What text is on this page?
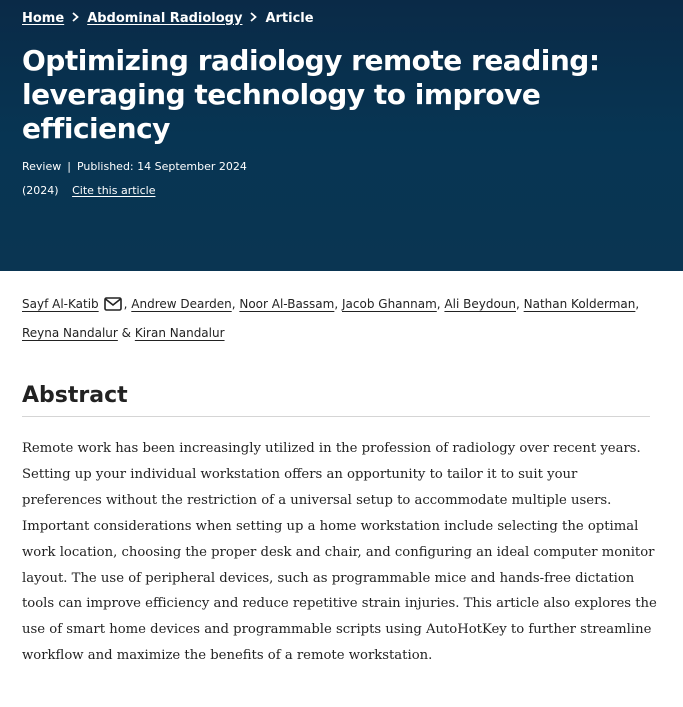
Home Abdominal Radiology Article
Optimizing radiology remote reading: leveraging technology to improve efficiency
Review | Published: 14 September 2024
(2024) Cite this article
Sayf Al-Katib , Andrew Dearden, Noor Al-Bassam, Jacob Ghannam, Ali Beydoun, Nathan Kolderman,
Reyna Nandalur & Kiran Nandalur
Abstract

Remote work has been increasingly utilized in the profession of radiology over recent years. Setting up your individual workstation offers an opportunity to tailor it to suit your preferences without the restriction of a universal setup to accommodate multiple users. Important considerations when setting up a home workstation include selecting the optimal work location, choosing the proper desk and chair, and configuring an ideal computer monitor layout. The use of peripheral devices, such as programmable mice and hands-free dictation tools can improve efficiency and reduce repetitive strain injuries. This article also explores the use of smart home devices and programmable scripts using AutoHotKey to further streamline workflow and maximize the benefits of a remote workstation.
